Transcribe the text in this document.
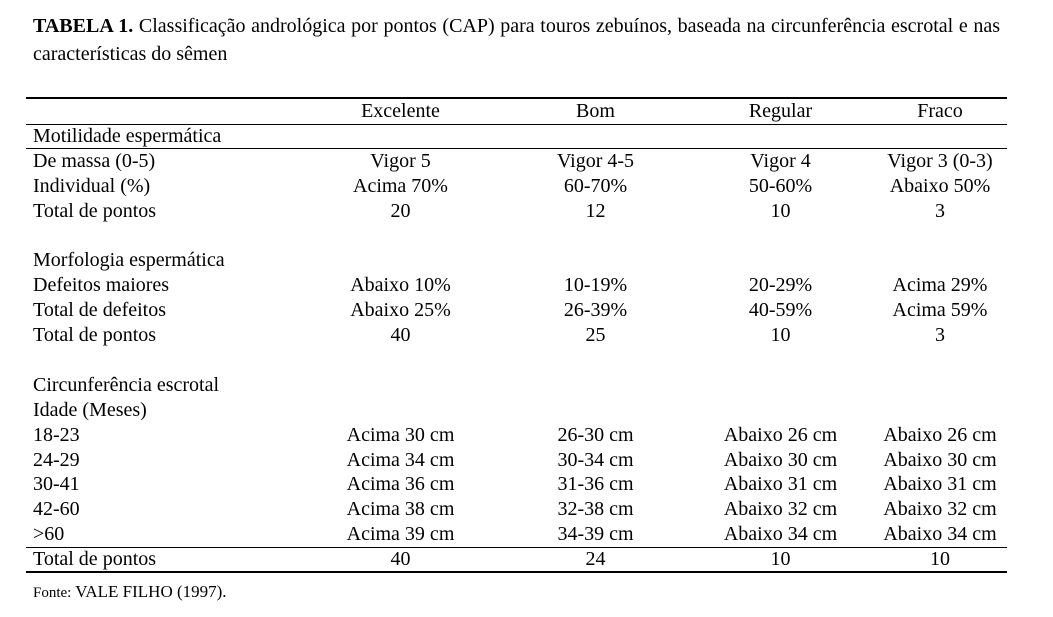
TABELA 1. Classificação andrológica por pontos (CAP) para touros zebuínos, baseada na circunferência escrotal e nas características do sêmen

	Excelente	Bom	Regular	Fraco
Motilidade espermática				
De massa (0-5)	Vigor 5	Vigor 4-5	Vigor 4	Vigor 3 (0-3)
Individual (%)	Acima 70%	60-70%	50-60%	Abaixo 50%
Total de pontos	20	12	10	3

Morfologia espermática				
Defeitos maiores	Abaixo 10%	10-19%	20-29%	Acima 29%
Total de defeitos	Abaixo 25%	26-39%	40-59%	Acima 59%
Total de pontos	40	25	10	3

Circunferência escrotal				
Idade (Meses)				
18-23	Acima 30 cm	26-30 cm	Abaixo 26 cm	Abaixo 26 cm
24-29	Acima 34 cm	30-34 cm	Abaixo 30 cm	Abaixo 30 cm
30-41	Acima 36 cm	31-36 cm	Abaixo 31 cm	Abaixo 31 cm
42-60	Acima 38 cm	32-38 cm	Abaixo 32 cm	Abaixo 32 cm
>60	Acima 39 cm	34-39 cm	Abaixo 34 cm	Abaixo 34 cm
Total de pontos	40	24	10	10

Fonte: VALE FILHO (1997).
